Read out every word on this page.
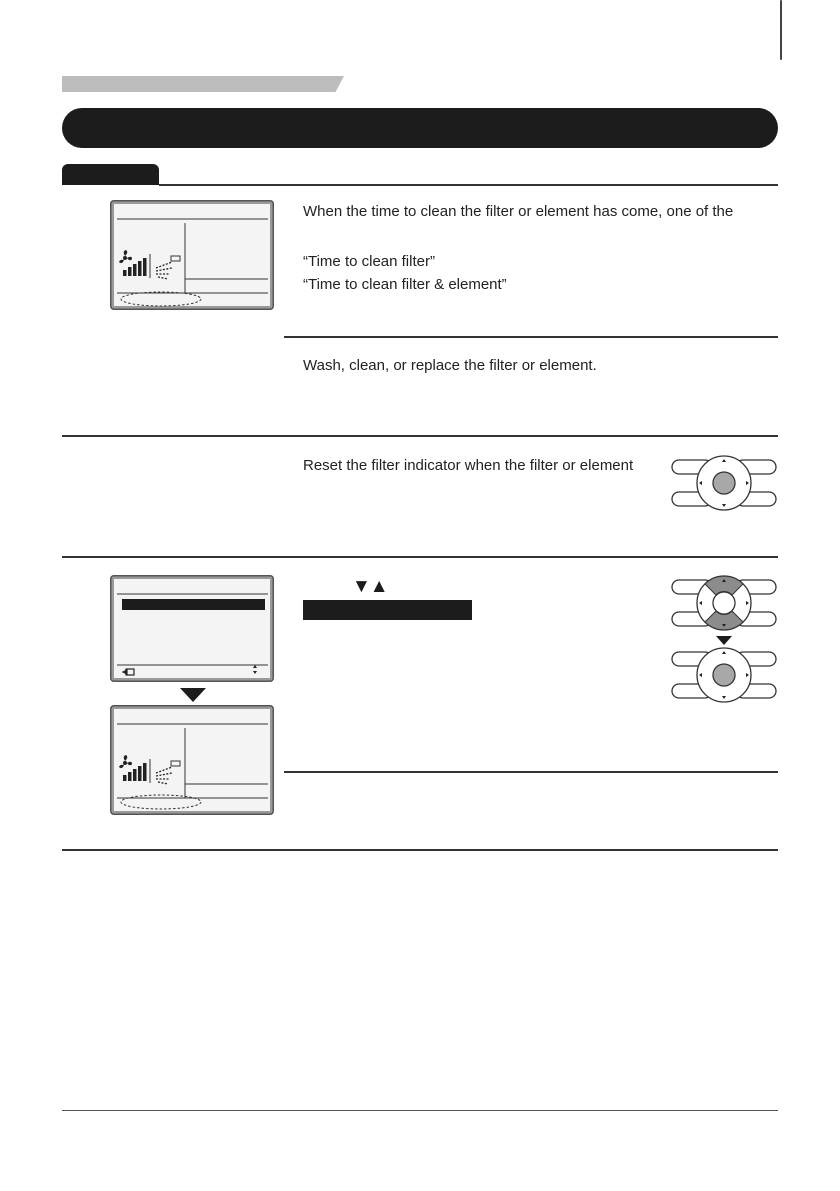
When the time to clean the filter or element has come, one of the
“Time to clean filter”
“Time to clean filter & element”
Wash, clean, or replace the filter or element.
Reset the filter indicator when the filter or element
▼▲
